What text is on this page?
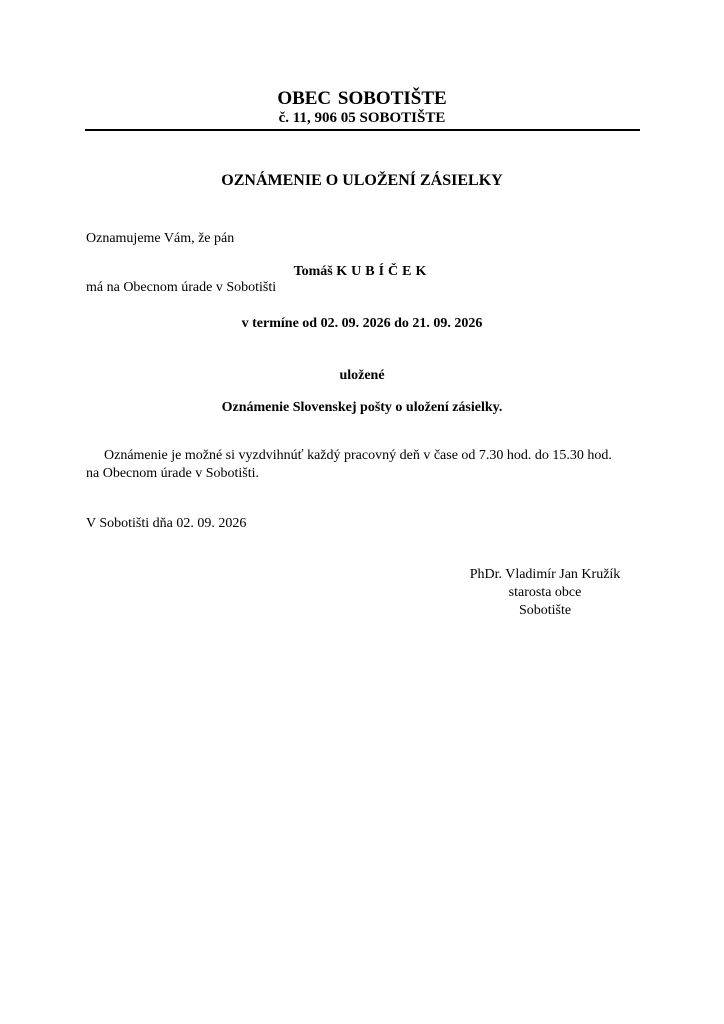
OBEC SOBOTIŠTE
č. 11, 906 05 SOBOTIŠTE
OZNÁMENIE O ULOŽENÍ ZÁSIELKY
Oznamujeme Vám, že pán
Tomáš KUBÍČEK
má na Obecnom úrade v Sobotišti
v termíne od 02. 09. 2026 do 21. 09. 2026
uložené
Oznámenie Slovenskej pošty o uložení zásielky.
Oznámenie je možné si vyzdvihnúť každý pracovný deň v čase od 7.30 hod. do 15.30 hod.
na Obecnom úrade v Sobotišti.
V Sobotišti dňa 02. 09. 2026
PhDr. Vladimír Jan Kružík
starosta obce
Sobotište
